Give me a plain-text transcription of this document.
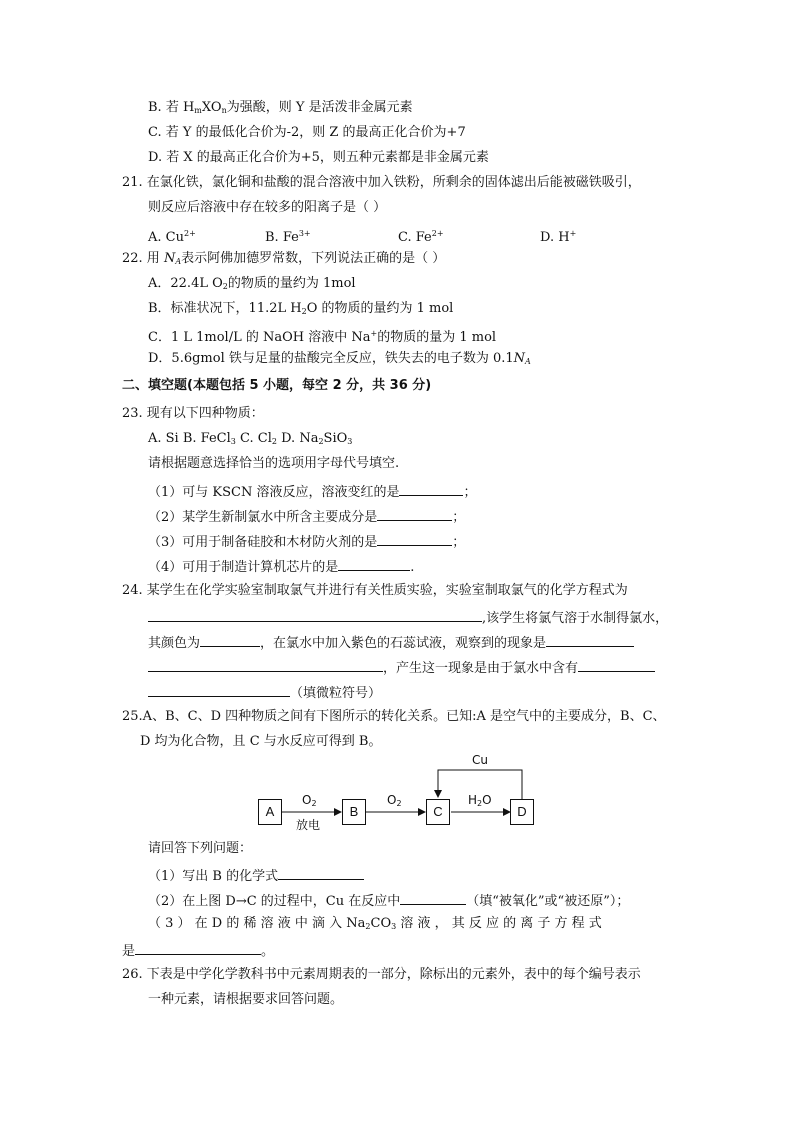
B. 若 $H_mXO_n$为强酸，则 Y 是活泼非金属元素
C. 若 Y 的最低化合价为-2，则 Z 的最高正化合价为+7
D. 若 X 的最高正化合价为+5，则五种元素都是非金属元素
21. 在氯化铁，氯化铜和盐酸的混合溶液中加入铁粉，所剩余的固体滤出后能被磁铁吸引，
则反应后溶液中存在较多的阳离子是（ ）
A. $Cu^{2+}$	B. $Fe^{3+}$	C. $Fe^{2+}$	D. H+
22. 用 $N_A$表示阿佛加德罗常数，下列说法正确的是（ ）
A．22.4L $O_2$的物质的量约为 1mol
B．标准状况下，11.2L $H_2O$ 的物质的量约为 1 mol
C．1 L 1mol/L 的 NaOH 溶液中 Na+的物质的量为 1 mol
D．5.6gmol 铁与足量的盐酸完全反应，铁失去的电子数为 $0.1N_A$
二、填空题(本题包括 5 小题，每空 2 分，共 36 分)
23. 现有以下四种物质：
A. Si B. FeCl$_3$ C. $Cl_2$ D. $Na_2SiO_3$
请根据题意选择恰当的选项用字母代号填空.
（1）可与 KSCN 溶液反应，溶液变红的是	；
（2）某学生新制氯水中所含主要成分是	；
（3）可用于制备硅胶和木材防火剂的是	；
（4）可用于制造计算机芯片的是	.
24. 某学生在化学实验室制取氯气并进行有关性质实验，实验室制取氯气的化学方程式为
,该学生将氯气溶于水制得氯水，
其颜色为	，在氯水中加入紫色的石蕊试液，观察到的现象是
，产生这一现象是由于氯水中含有
（填微粒符号）
25.A、B、C、D 四种物质之间有下图所示的转化关系。已知:A 是空气中的主要成分，B、C、
D 均为化合物，且 C 与水反应可得到 B。
A	B	C	D
$O_2$
放电
$O_2$	$H_2O$
Cu
请回答下列问题：
（1）写出 B 的化学式
（2）在上图 D→C 的过程中，Cu 在反应中	（填“被氧化”或“被还原”）；
（ 3 ） 在 D 的 稀 溶 液 中 滴 入 $Na_2CO_3$ 溶 液 ， 其 反 应 的 离 子 方 程 式
是	。
26. 下表是中学化学教科书中元素周期表的一部分，除标出的元素外，表中的每个编号表示
一种元素，请根据要求回答问题。
